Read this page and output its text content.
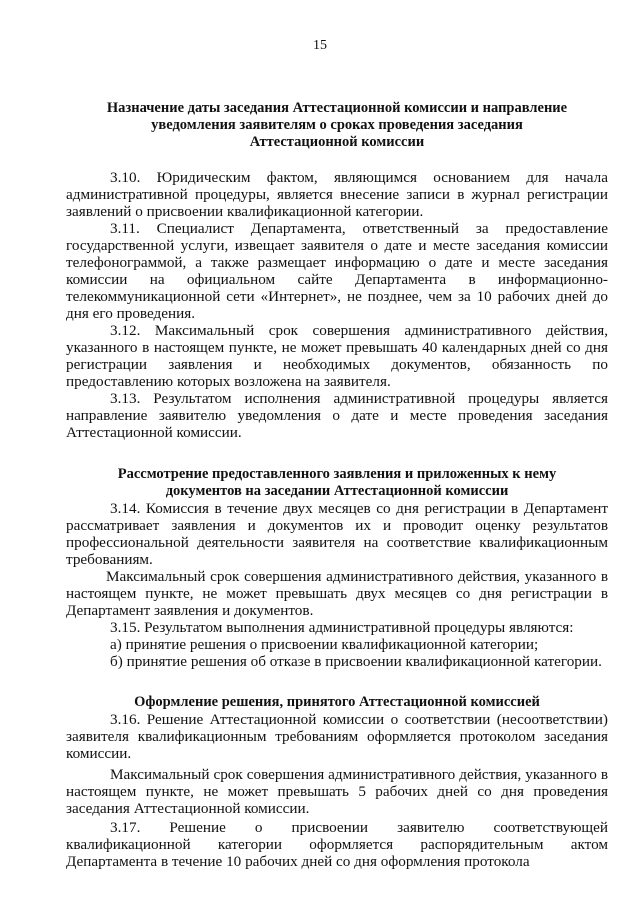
15
Назначение даты заседания Аттестационной комиссии и направление
уведомления заявителям о сроках проведения заседания
Аттестационной комиссии

3.10. Юридическим фактом, являющимся основанием для начала административной процедуры, является внесение записи в журнал регистрации заявлений о присвоении квалификационной категории.

3.11. Специалист Департамента, ответственный за предоставление государственной услуги, извещает заявителя о дате и месте заседания комиссии телефонограммой, а также размещает информацию о дате и месте заседания комиссии на официальном сайте Департамента в информационно-телекоммуникационной сети «Интернет», не позднее, чем за 10 рабочих дней до дня его проведения.

3.12. Максимальный срок совершения административного действия, указанного в настоящем пункте, не может превышать 40 календарных дней со дня регистрации заявления и необходимых документов, обязанность по предоставлению которых возложена на заявителя.

3.13. Результатом исполнения административной процедуры является направление заявителю уведомления о дате и месте проведения заседания Аттестационной комиссии.

Рассмотрение предоставленного заявления и приложенных к нему
документов на заседании Аттестационной комиссии

3.14. Комиссия в течение двух месяцев со дня регистрации в Департамент рассматривает заявления и документов их и проводит оценку результатов профессиональной деятельности заявителя на соответствие квалификационным требованиям.

Максимальный срок совершения административного действия, указанного в настоящем пункте, не может превышать двух месяцев со дня регистрации в Департамент заявления и документов.

3.15. Результатом выполнения административной процедуры являются:

а) принятие решения о присвоении квалификационной категории;

б) принятие решения об отказе в присвоении квалификационной категории.

Оформление решения, принятого Аттестационной комиссией

3.16. Решение Аттестационной комиссии о соответствии (несоответствии) заявителя квалификационным требованиям оформляется протоколом заседания комиссии.

Максимальный срок совершения административного действия, указанного в настоящем пункте, не может превышать 5 рабочих дней со дня проведения заседания Аттестационной комиссии.

3.17. Решение о присвоении заявителю соответствующей квалификационной категории оформляется распорядительным актом Департамента в течение 10 рабочих дней со дня оформления протокола
